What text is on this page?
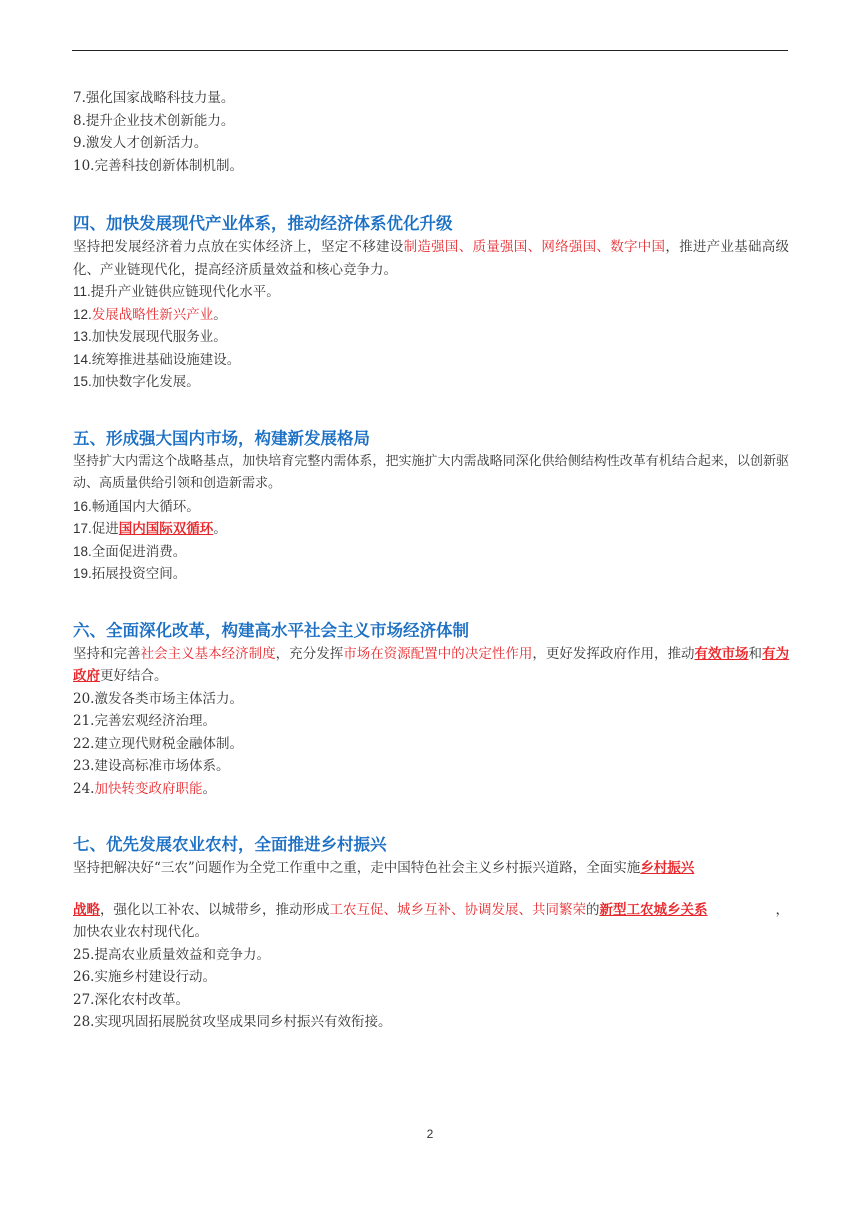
7.强化国家战略科技力量。
8.提升企业技术创新能力。
9.激发人才创新活力。
10.完善科技创新体制机制。
四、加快发展现代产业体系，推动经济体系优化升级
坚持把发展经济着力点放在实体经济上，坚定不移建设制造强国、质量强国、网络强国、数字中国，推进产业基础高级化、产业链现代化，提高经济质量效益和核心竞争力。
11.提升产业链供应链现代化水平。
12.发展战略性新兴产业。
13.加快发展现代服务业。
14.统筹推进基础设施建设。
15.加快数字化发展。
五、形成强大国内市场，构建新发展格局
坚持扩大内需这个战略基点，加快培育完整内需体系，把实施扩大内需战略同深化供给侧结构性改革有机结合起来，以创新驱动、高质量供给引领和创造新需求。
16.畅通国内大循环。
17.促进国内国际双循环。
18.全面促进消费。
19.拓展投资空间。
六、全面深化改革，构建高水平社会主义市场经济体制
坚持和完善社会主义基本经济制度，充分发挥市场在资源配置中的决定性作用，更好发挥政府作用，推动有效市场和有为政府更好结合。
20.激发各类市场主体活力。
21.完善宏观经济治理。
22.建立现代财税金融体制。
23.建设高标准市场体系。
24.加快转变政府职能。
七、优先发展农业农村，全面推进乡村振兴
坚持把解决好“三农”问题作为全党工作重中之重，走中国特色社会主义乡村振兴道路，全面实施乡村振兴
战略，强化以工补农、以城带乡，推动形成工农互促、城乡互补、协调发展、共同繁荣的新型工农城乡关系	，
加快农业农村现代化。
25.提高农业质量效益和竞争力。
26.实施乡村建设行动。
27.深化农村改革。
28.实现巩固拓展脱贫攻坚成果同乡村振兴有效衔接。
2
